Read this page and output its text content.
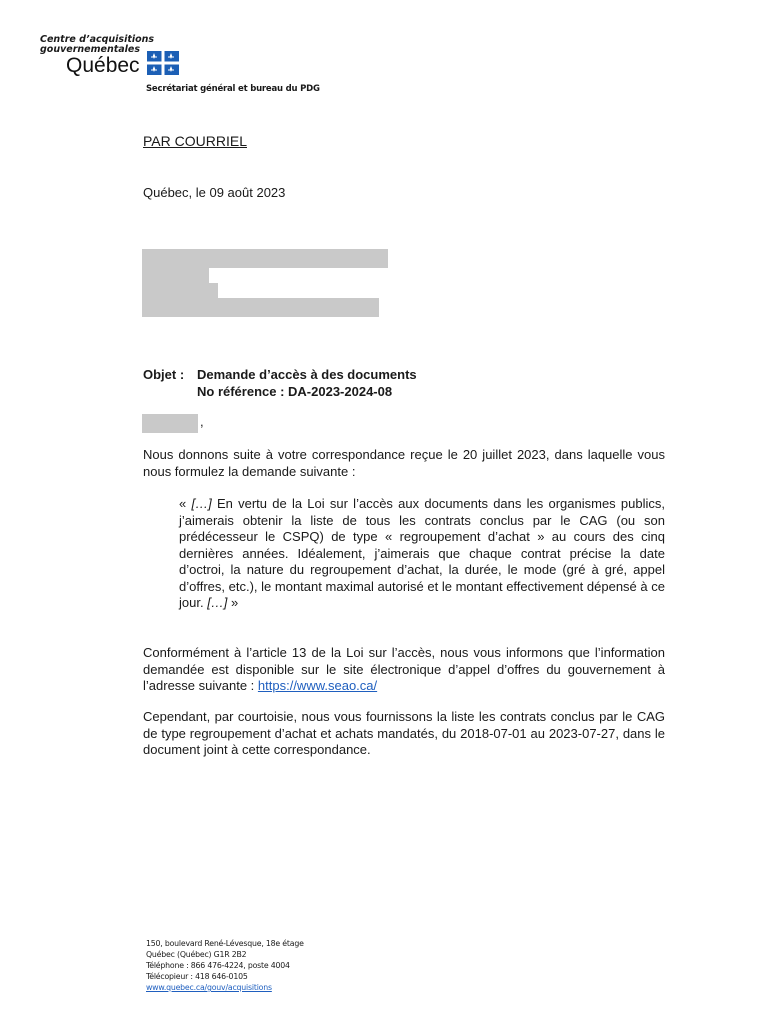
Centre d’acquisitions
gouvernementales
Québec
Secrétariat général et bureau du PDG
PAR COURRIEL
Québec, le 09 août 2023
Objet : Demande d’accès à des documents
No référence : DA-2023-2024-08
,
Nous donnons suite à votre correspondance reçue le 20 juillet 2023, dans laquelle vous nous formulez la demande suivante :
« […] En vertu de la Loi sur l’accès aux documents dans les organismes publics, j’aimerais obtenir la liste de tous les contrats conclus par le CAG (ou son prédécesseur le CSPQ) de type « regroupement d’achat » au cours des cinq dernières années. Idéalement, j’aimerais que chaque contrat précise la date d’octroi, la nature du regroupement d’achat, la durée, le mode (gré à gré, appel d’offres, etc.), le montant maximal autorisé et le montant effectivement dépensé à ce jour. […] »
Conformément à l’article 13 de la Loi sur l’accès, nous vous informons que l’information demandée est disponible sur le site électronique d’appel d’offres du gouvernement à l’adresse suivante : https://www.seao.ca/
Cependant, par courtoisie, nous vous fournissons la liste les contrats conclus par le CAG de type regroupement d’achat et achats mandatés, du 2018-07-01 au 2023-07-27, dans le document joint à cette correspondance.
150, boulevard René-Lévesque, 18e étage
Québec (Québec) G1R 2B2
Téléphone : 866 476-4224, poste 4004
Télécopieur : 418 646-0105
www.quebec.ca/gouv/acquisitions
